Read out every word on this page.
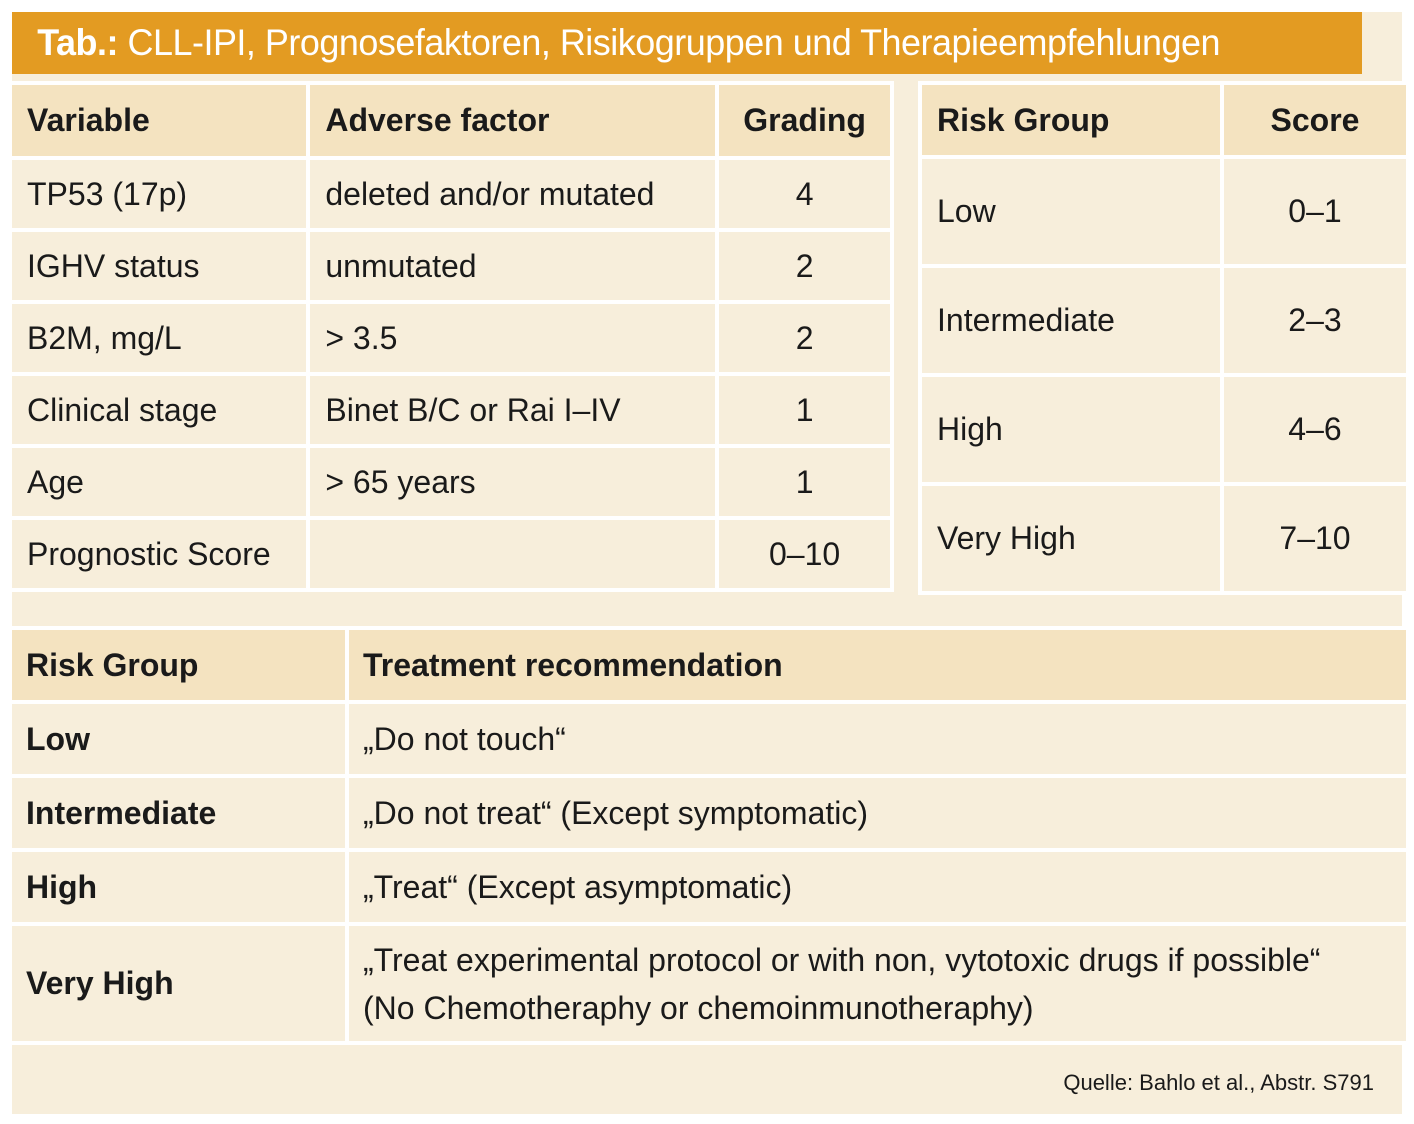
Tab.:
CLL-IPI, Prognosefaktoren, Risikogruppen und Therapieempfehlungen
Variable	Adverse factor	Grading
TP53 (17p)	deleted and/or mutated	4
IGHV status	unmutated	2
B2M, mg/L	> 3.5	2
Clinical stage	Binet B/C or Rai I–IV	1
Age	> 65 years	1
Prognostic Score		0–10
Risk Group	Score
Low	0–1
Intermediate	2–3
High	4–6
Very High	7–10
Risk Group	Treatment recommendation
Low	„Do not touch“

Intermediate	„Do not treat“ (Except symptomatic)

High	„Treat“ (Except asymptomatic)

Very High	„Treat experimental protocol or with non, vytotoxic drugs if possible“
(No Chemotheraphy or chemoinmunotheraphy)
Quelle: Bahlo et al., Abstr. S791
